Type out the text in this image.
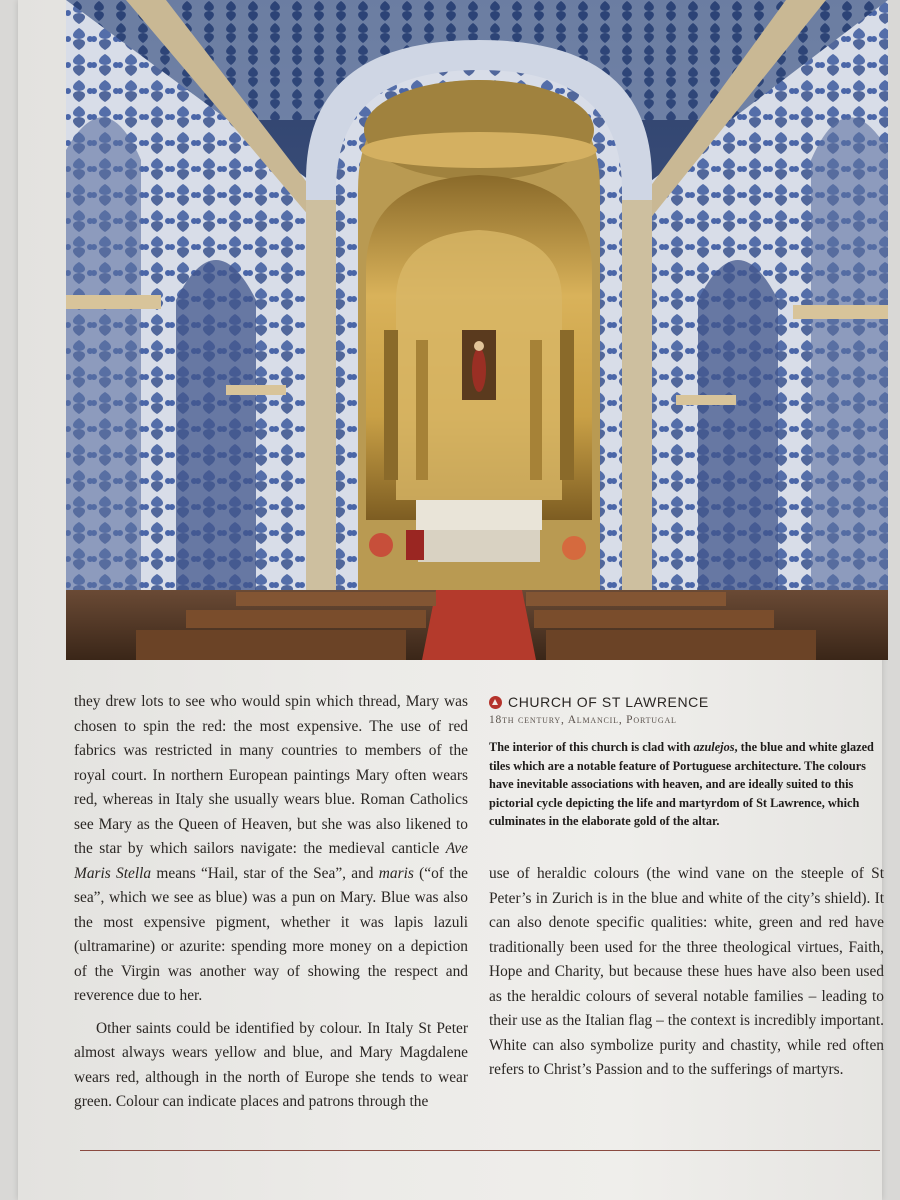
they drew lots to see who would spin which thread, Mary was chosen to spin the red: the most expensive. The use of red fabrics was restricted in many countries to members of the royal court. In northern European paintings Mary often wears red, whereas in Italy she usually wears blue. Roman Catholics see Mary as the Queen of Heaven, but she was also likened to the star by which sailors navigate: the medieval canticle Ave Maris Stella means “Hail, star of the Sea”, and maris (“of the sea”, which we see as blue) was a pun on Mary. Blue was also the most expensive pigment, whether it was lapis lazuli (ultramarine) or azurite: spending more money on a depiction of the Virgin was another way of showing the respect and reverence due to her.

Other saints could be identified by colour. In Italy St Peter almost always wears yellow and blue, and Mary Magdalene wears red, although in the north of Europe she tends to wear green. Colour can indicate places and patrons through the

CHURCH OF ST LAWRENCE

18th century, Almancil, Portugal

The interior of this church is clad with azulejos, the blue and white glazed tiles which are a notable feature of Portuguese architecture. The colours have inevitable associations with heaven, and are ideally suited to this pictorial cycle depicting the life and martyrdom of St Lawrence, which culminates in the elaborate gold of the altar.

use of heraldic colours (the wind vane on the steeple of St Peter’s in Zurich is in the blue and white of the city’s shield). It can also denote specific qualities: white, green and red have traditionally been used for the three theological virtues, Faith, Hope and Charity, but because these hues have also been used as the heraldic colours of several notable families – leading to their use as the Italian flag – the context is incredibly important. White can also symbolize purity and chastity, while red often refers to Christ’s Passion and to the sufferings of martyrs.
